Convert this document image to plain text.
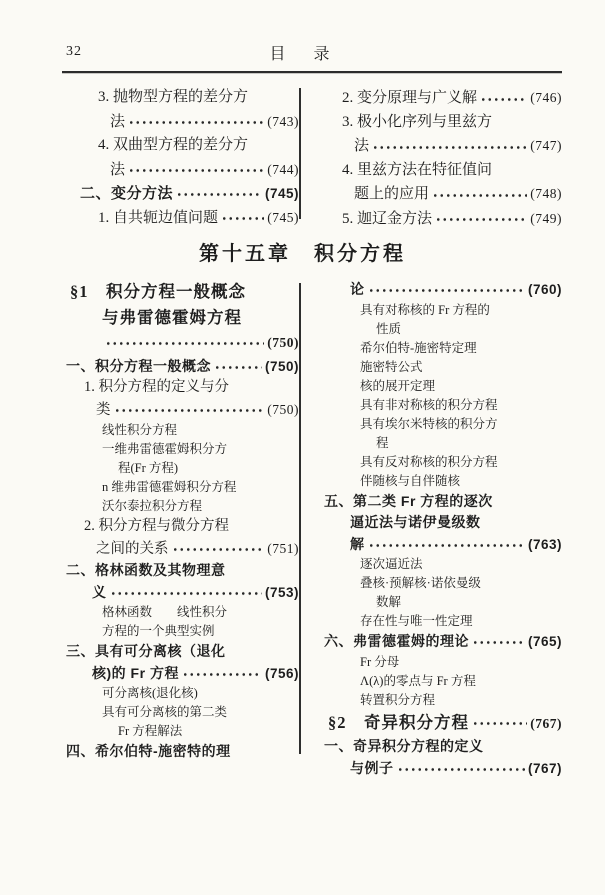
32	目　录
3. 抛物型方程的差分方
法	(743)
4. 双曲型方程的差分方
法	(744)
二、变分方法	(745)
1. 自共轭边值问题	(745)
2. 变分原理与广义解	(746)
3. 极小化序列与里兹方
法	(747)
4. 里兹方法在特征值问
题上的应用	(748)
5. 迦辽金方法	(749)
第十五章　积分方程
§1　积分方程一般概念
与弗雷德霍姆方程
(750)
一、积分方程一般概念	(750)
1. 积分方程的定义与分
类	(750)
线性积分方程
一维弗雷德霍姆积分方
程(Fr 方程)
n 维弗雷德霍姆积分方程
沃尔泰拉积分方程
2. 积分方程与微分方程
之间的关系	(751)
二、格林函数及其物理意
义	(753)
格林函数　　线性积分
方程的一个典型实例
三、具有可分离核（退化
核)的 Fr 方程	(756)
可分离核(退化核)
具有可分离核的第二类
Fr 方程解法
四、希尔伯特-施密特的理
论	(760)
具有对称核的 Fr 方程的
性质
希尔伯特-施密特定理
施密特公式
核的展开定理
具有非对称核的积分方程
具有埃尔米特核的积分方
程
具有反对称核的积分方程
伴随核与自伴随核
五、第二类 Fr 方程的逐次
逼近法与诺伊曼级数
解	(763)
逐次逼近法
叠核·预解核·诺依曼级
数解
存在性与唯一性定理
六、弗雷德霍姆的理论	(765)
Fr 分母
Λ(λ)的零点与 Fr 方程
转置积分方程
§2　奇异积分方程	(767)
一、奇异积分方程的定义
与例子	(767)
